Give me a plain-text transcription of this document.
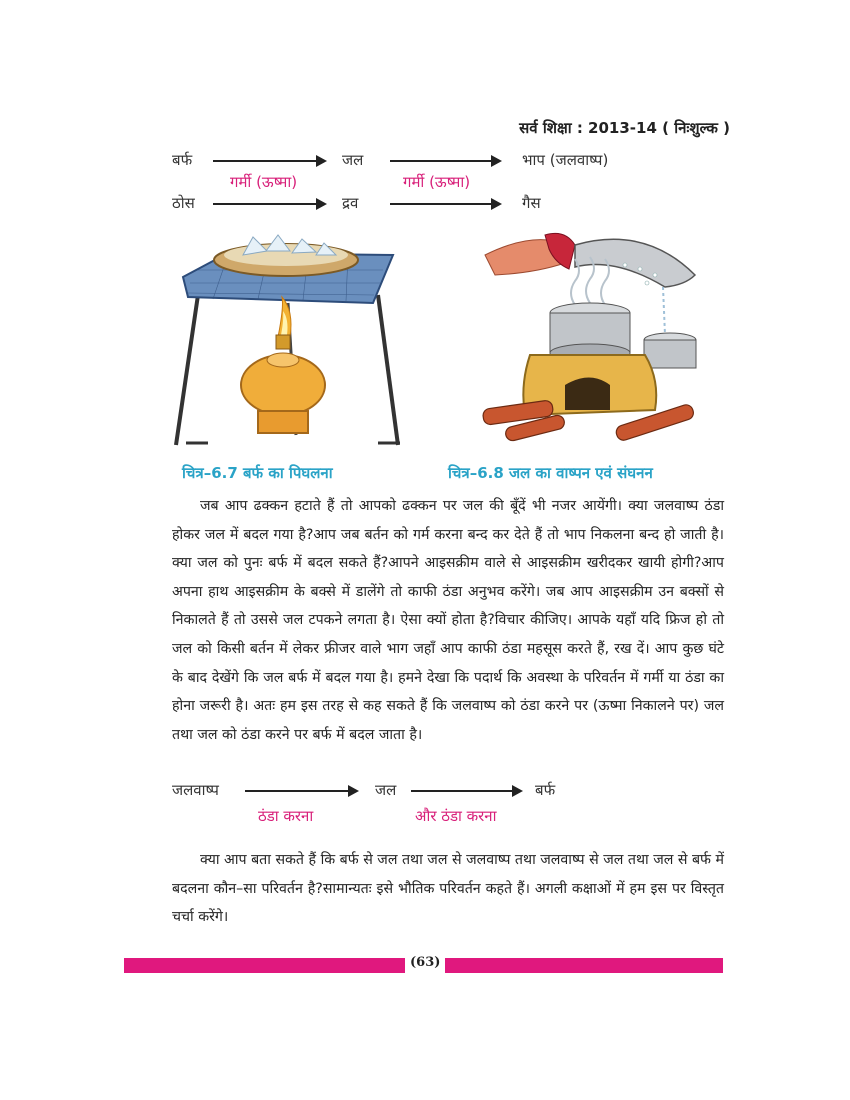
सर्व शिक्षा : 2013-14 ( निःशुल्क )
बर्फ	जल	भाप (जलवाष्प)
गर्मी (ऊष्मा)	गर्मी (ऊष्मा)
ठोस	द्रव	गैस
चित्र–6.7 बर्फ का पिघलना	चित्र–6.8 जल का वाष्पन एवं संघनन

जब आप ढक्कन हटाते हैं तो आपको ढक्कन पर जल की बूँदें भी नजर आयेंगी। क्या जलवाष्प ठंडा होकर जल में बदल गया है?आप जब बर्तन को गर्म करना बन्द कर देते हैं तो भाप निकलना बन्द हो जाती है। क्या जल को पुनः बर्फ में बदल सकते हैं?आपने आइसक्रीम वाले से आइसक्रीम खरीदकर खायी होगी?आप अपना हाथ आइसक्रीम के बक्से में डालेंगे तो काफी ठंडा अनुभव करेंगे। जब आप आइसक्रीम उन बक्सों से निकालते हैं तो उससे जल टपकने लगता है। ऐसा क्यों होता है?विचार कीजिए। आपके यहाँ यदि फ्रिज हो तो जल को किसी बर्तन में लेकर फ्रीजर वाले भाग जहाँ आप काफी ठंडा महसूस करते हैं, रख दें। आप कुछ घंटे के बाद देखेंगे कि जल बर्फ में बदल गया है। हमने देखा कि पदार्थ कि अवस्था के परिवर्तन में गर्मी या ठंडा का होना जरूरी है। अतः हम इस तरह से कह सकते हैं कि जलवाष्प को ठंडा करने पर (ऊष्मा निकालने पर) जल तथा जल को ठंडा करने पर बर्फ में बदल जाता है।

जलवाष्प	जल	बर्फ
ठंडा करना	और ठंडा करना

क्या आप बता सकते हैं कि बर्फ से जल तथा जल से जलवाष्प तथा जलवाष्प से जल तथा जल से बर्फ में बदलना कौन–सा परिवर्तन है?सामान्यतः इसे भौतिक परिवर्तन कहते हैं। अगली कक्षाओं में हम इस पर विस्तृत चर्चा करेंगे।

(63)
